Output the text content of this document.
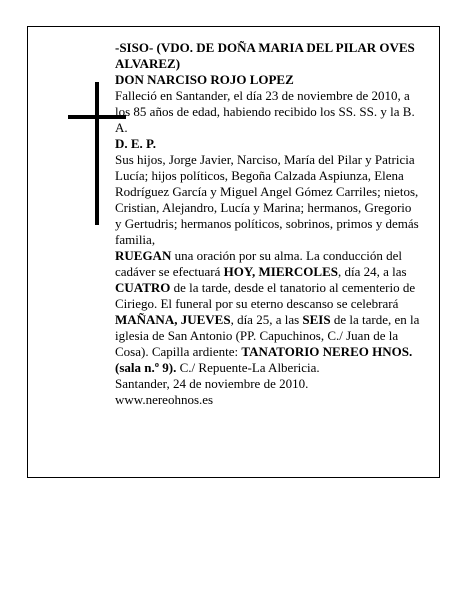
-SISO- (VDO. DE DOÑA MARIA DEL PILAR OVES ALVAREZ)

DON NARCISO ROJO LOPEZ

Falleció en Santander, el día 23 de noviembre de 2010, a los 85 años de edad, habiendo recibido los SS. SS. y la B. A.

D. E. P.

Sus hijos, Jorge Javier, Narciso, María del Pilar y Patricia Lucía; hijos políticos, Begoña Calzada Aspiunza, Elena Rodríguez García y Miguel Angel Gómez Carriles; nietos, Cristian, Alejandro, Lucía y Marina; hermanos, Gregorio y Gertudris; hermanos políticos, sobrinos, primos y demás familia,

RUEGAN una oración por su alma. La conducción del cadáver se efectuará HOY, MIERCOLES, día 24, a las CUATRO de la tarde, desde el tanatorio al cementerio de Ciriego. El funeral por su eterno descanso se celebrará MAÑANA, JUEVES, día 25, a las SEIS de la tarde, en la iglesia de San Antonio (PP. Capuchinos, C./ Juan de la Cosa). Capilla ardiente: TANATORIO NEREO HNOS. (sala n.º 9). C./ Repuente-La Albericia.

Santander, 24 de noviembre de 2010.

www.nereohnos.es
